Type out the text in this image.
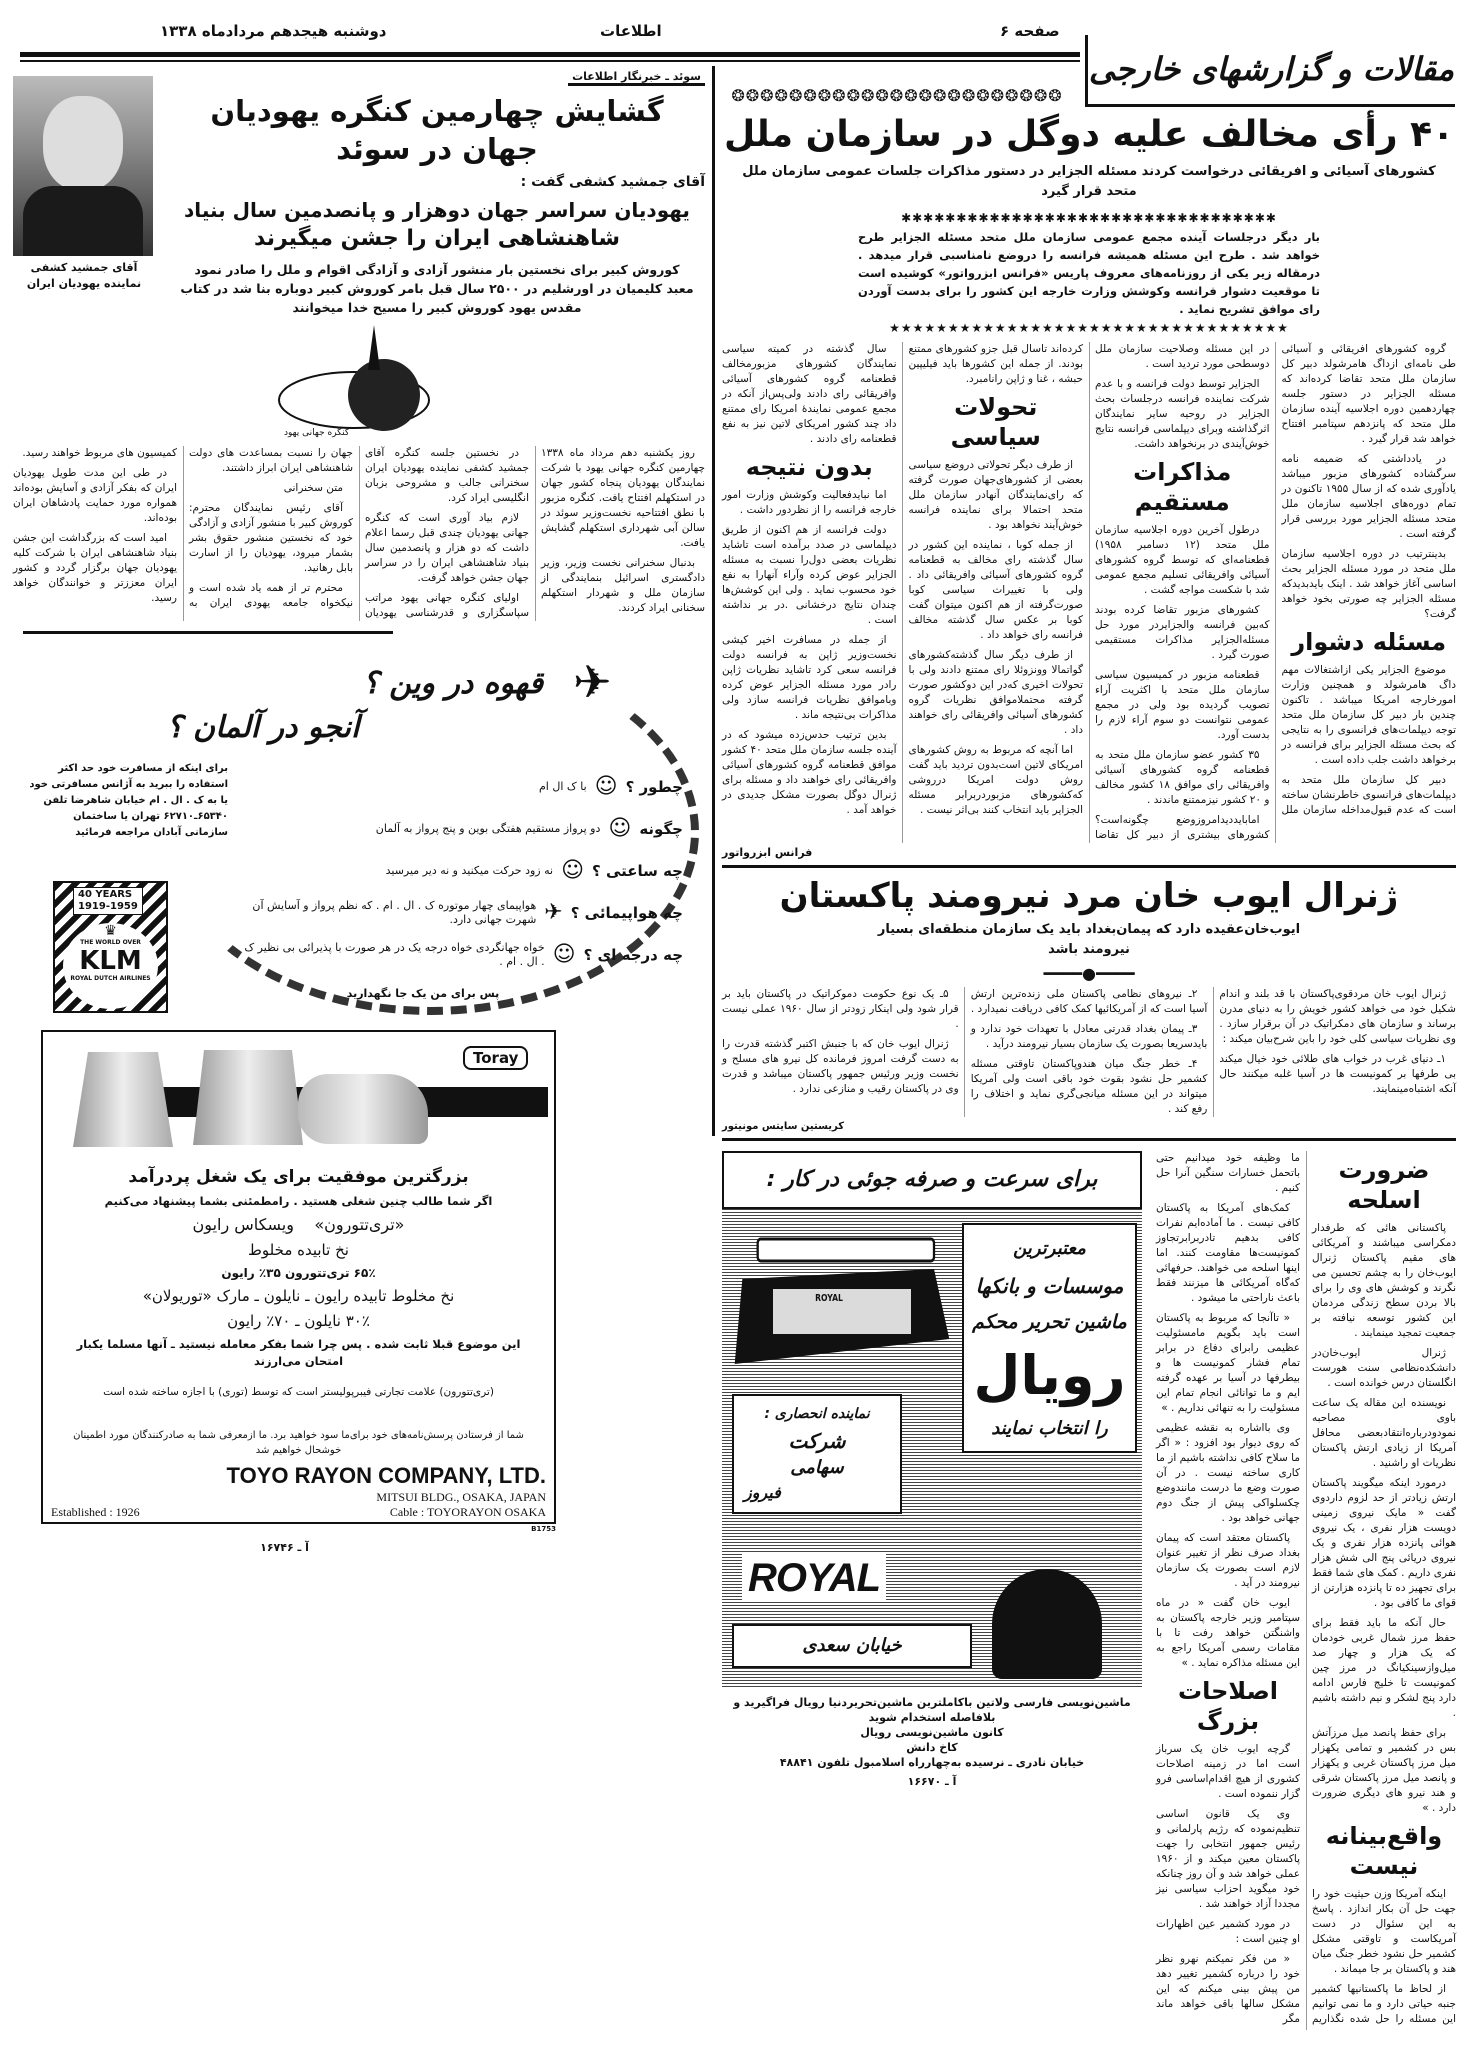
دوشنبه هیجدهم مردادماه ۱۳۳۸	اطلاعات	صفحه ۶
مقالات و گزارشهای خارجی
❂❂❂❂❂❂❂❂❂❂❂❂❂❂❂❂❂❂❂❂❂❂❂
آقای جمشید کشفی نماینده یهودیان ایران
سوئد ـ خبرنگار اطلاعات
گشایش چهارمین کنگره یهودیان جهان در سوئد
آقای جمشید کشفی گفت :
یهودیان سراسر جهان دوهزار و پانصدمین سال بنیاد
شاهنشاهی ایران را جشن میگیرند
کوروش کبیر برای نخستین بار منشور آزادی و آزادگی اقوام و ملل را صادر نمود معبد کلیمیان در اورشلیم در ۲۵۰۰ سال قبل بامر کوروش کبیر دوباره بنا شد در کتاب مقدس یهود کوروش کبیر را مسیح خدا میخوانند
کنگره جهانی یهود

روز یکشنبه دهم مرداد ماه ۱۳۳۸ چهارمین کنگره جهانی یهود با شرکت نمایندگان یهودیان پنجاه کشور جهان در استکهلم افتتاح یافت. کنگره مزبور با نطق افتتاحیه نخست‌وزیر سوئد در سالن آبی شهرداری استکهلم گشایش یافت.

بدنبال سخنرانی نخست وزیر، وزیر دادگستری اسرائیل بنمایندگی از سازمان ملل و شهردار استکهلم سخنانی ایراد کردند.

در نخستین جلسه کنگره آقای جمشید کشفی نماینده یهودیان ایران سخنرانی جالب و مشروحی بزبان انگلیسی ایراد کرد.

لازم بیاد آوری است که کنگره جهانی یهودیان چندی قبل رسما اعلام داشت که دو هزار و پانصدمین سال بنیاد شاهنشاهی ایران را در سراسر جهان جشن خواهد گرفت.

اولیای کنگره جهانی یهود مراتب سپاسگزاری و قدرشناسی یهودیان جهان را نسبت بمساعدت های دولت شاهنشاهی ایران ابراز داشتند.

متن سخنرانی

آقای رئیس نمایندگان محترم: کوروش کبیر با منشور آزادی و آزادگی خود که نخستین منشور حقوق بشر بشمار میرود، یهودیان را از اسارت بابل رهانید.

محترم تر از همه یاد شده است و نیکخواه جامعه یهودی ایران به کمیسیون های مربوط خواهند رسید.

در طی این مدت طویل یهودیان ایران که بفکر آزادی و آسایش بوده‌اند همواره مورد حمایت پادشاهان ایران بوده‌اند.

امید است که بزرگداشت این جشن بنیاد شاهنشاهی ایران با شرکت کلیه یهودیان جهان برگزار گردد و کشور ایران معززتر و خوانندگان خواهد رسید.

✈
قهوه در وین ؟
آنجو در آلمان ؟
چطور ؟
☺
با ک ال ام
چگونه
☺
دو پرواز مستقیم هفتگی بوین و پنج پرواز به آلمان
چه ساعتی ؟
☺
نه زود حرکت میکنید و نه دیر میرسید
چه هواپیمائی ؟
✈
هواپیمای چهار موتوره ک . ال . ام . که نظم پرواز و آسایش آن شهرت جهانی دارد.
چه درجه ای ؟
☺
خواه جهانگردی خواه درجه یک در هر صورت با پذیرائی بی نظیر ک . ال . ام .
پس برای من یک جا نگهدارید
برای اینکه از مسافرت خود حد اکثر استفاده را ببرید به آژانس مسافرتی خود یا به ک . ال . ام خیابان شاهرضا تلفن ۶۵۳۴۰ـ۶۲۷۱۰ تهران یا ساختمان سازمانی آبادان مراجعه فرمائید
40 YEARS 1919-1959
♛
THE WORLD OVER
KLM
ROYAL DUTCH AIRLINES
Toray
بزرگترین موفقیت برای یک شغل پردرآمد
اگر شما طالب چنین شغلی هستید . رامطمئنی بشما پیشنهاد می‌کنیم
«تری‌تتورون»    ویسکاس رایون
نخ تابیده مخلوط
۶۵٪ تری‌تتورون ۳۵٪ رایون
نخ مخلوط تابیده رایون ـ نایلون ـ مارک «توریولان»
۳۰٪ نایلون ـ ۷۰٪ رایون
این موضوع قبلا ثابت شده . پس چرا شما بفکر معامله نیستید ـ آنها مسلما یکبار امتحان می‌ارزند
(تری‌تتورون) علامت تجارتی فیبرپولیستر است که توسط (توری) با اجازه ساخته شده است
شما از فرستادن پرسش‌نامه‌های خود برای‌ما سود خواهید برد. ما ازمعرفی شما به صادرکنندگان مورد اطمینان خوشحال خواهیم شد
TOYO RAYON COMPANY, LTD.
Established : 1926
MITSUI BLDG., OSAKA, JAPAN
Cable : TOYORAYON OSAKA
B1753
آ ـ ۱۶۷۴۶
۴۰ رأی مخالف علیه دوگل در سازمان ملل
کشورهای آسیائی و افریقائی درخواست کردند مسئله الجزایر در دستور مذاکرات جلسات عمومی سازمان ملل متحد قرار گیرد
✱✱✱✱✱✱✱✱✱✱✱✱✱✱✱✱✱✱✱✱✱✱✱✱✱✱✱✱✱✱✱✱✱✱
بار دیگر درجلسات آینده مجمع عمومی سازمان ملل متحد مسئله الجزایر طرح خواهد شد . طرح این مسئله همیشه فرانسه را دروضع نامناسبی قرار میدهد . درمقاله زیر یکی از روزنامه‌های معروف پاریس «فرانس ابزرواتور» کوشیده است تا موقعیت دشوار فرانسه وکوشش وزارت خارجه این کشور را برای بدست آوردن رای موافق تشریح نماید .
★★★★★★★★★★★★★★★★★★★★★★★★★★★★★★★★★★

گروه کشورهای افریقائی و آسیائی طی نامه‌ای ازداگ هامرشولد دبیر کل سازمان ملل متحد تقاضا کرده‌اند که مسئله الجزایر در دستور جلسه چهاردهمین دوره اجلاسیه آینده سازمان ملل متحد که پانزدهم سپتامبر افتتاح خواهد شد قرار گیرد .

در یادداشتی که ضمیمه نامه سرگشاده کشورهای مزبور میباشد یادآوری شده که از سال ۱۹۵۵ تاکنون در تمام دوره‌های اجلاسیه سازمان ملل متحد مسئله الجزایر مورد بررسی قرار گرفته است .

بدینترتیب در دوره اجلاسیه سازمان ملل متحد در مورد مسئله الجزایر بحث اساسی آغاز خواهد شد . اینک بایدبدیدکه مسئله الجزایر چه صورتی بخود خواهد گرفت؟

مسئله دشوار

موضوع الجزایر یکی ازاشتغالات مهم داگ هامرشولد و همچنین وزارت امورخارجه امریکا میباشد . تاکنون چندین بار دبیر کل سازمان ملل متحد توجه دیپلمات‌های فرانسوی را به نتایجی که بحث مسئله الجزایر برای فرانسه در برخواهد داشت جلب داده است .

دبیر کل سازمان ملل متحد به دیپلمات‌های فرانسوی خاطرنشان ساخته است که عدم قبول‌مداخله سازمان ملل در این مسئله وصلاحیت سازمان ملل دوسطحی مورد تردید است .

الجزایر توسط دولت فرانسه و با عدم شرکت نماینده فرانسه درجلسات بحث الجزایر در روحیه سایر نمایندگان اثرگذاشته وبرای دیپلماسی فرانسه نتایج خوش‌آیندی در برنخواهد داشت.

مذاکرات مستقیم

درطول آخرین دوره اجلاسیه سازمان ملل متحد (۱۲ دسامبر ۱۹۵۸) قطعنامه‌ای که توسط گروه کشورهای آسیائی وافریقائی تسلیم مجمع عمومی شد با شکست مواجه گشت .

کشورهای مزبور تقاضا کرده بودند که‌بین فرانسه والجزایردر مورد حل مسئله‌الجزایر مذاکرات مستقیمی صورت گیرد .

قطعنامه مزبور در کمیسیون سیاسی سازمان ملل متحد با اکثریت آراء تصویب گردیده بود ولی در مجمع عمومی نتوانست دو سوم آراء لازم را بدست آورد.

۳۵ کشور عضو سازمان ملل متحد به قطعنامه گروه کشورهای آسیائی وافریقائی رای موافق ۱۸ کشور مخالف و ۲۰ کشور نیزممتنع ماندند .

امابایددیدامروزوضع چگونه‌است؟ کشورهای بیشتری از دبیر کل تقاضا کرده‌اند تاسال قبل جزو کشورهای ممتنع بودند. از جمله این کشورها باید فیلیپین حبشه ، غنا و ژاپن رانامبرد.

تحولات سیاسی

از طرف دیگر تحولاتی دروضع سیاسی بعضی از کشورهای‌جهان صورت گرفته که رای‌نمایندگان آنهادر سازمان ملل متحد احتمالا برای نماینده فرانسه خوش‌آیند نخواهد بود .

از جمله کوبا ، نماینده این کشور در سال گذشته رای مخالف به قطعنامه گروه کشورهای آسیائی وافریقائی داد . ولی با تغییرات سیاسی کوبا صورت‌گرفته از هم اکنون میتوان گفت کوبا بر عکس سال گذشته مخالف فرانسه رای خواهد داد .

از طرف دیگر سال گذشته‌کشورهای گواتمالا وونزوئلا رای ممتنع دادند ولی با تحولات اخیری که‌در این دوکشور صورت گرفته محتملاموافق نظریات گروه کشورهای آسیائی وافریقائی رای خواهند داد .

اما آنچه که مربوط به روش کشورهای امریکای لاتین است‌بدون تردید باید گفت روش دولت امریکا درروشی که‌کشورهای مزبوردربرابر مسئله الجزایر باید انتخاب کنند بی‌اثر نیست .

سال گذشته در کمیته سیاسی نمایندگان کشورهای مزبورمخالف قطعنامه گروه کشورهای آسیائی وافریقائی رای دادند ولی‌پس‌از آنکه در مجمع عمومی نمایندهٔ امریکا رای ممتنع داد چند کشور امریکای لاتین نیز به نفع قطعنامه رای دادند .

بدون نتیجه

اما نبایدفعالیت وکوشش وزارت امور خارجه فرانسه را از نظردور داشت .

دولت فرانسه از هم اکنون از طریق دیپلماسی در صدد برآمده است تاشاید نظریات بعضی دول‌را نسبت به مسئله الجزایر عوض کرده وآراء آنهارا به نفع خود محسوب نماید . ولی این کوشش‌ها چندان نتایج درخشانی .در بر نداشته است .

از جمله در مسافرت اخیر کیشی نخست‌وزیر ژاپن به فرانسه دولت فرانسه سعی کرد تاشاید نظریات ژاپن رادر مورد مسئله الجزایر عوض کرده وباموافق نظریات فرانسه سازد ولی مذاکرات بی‌نتیجه ماند .

بدین ترتیب حدس‌زده میشود که در آینده جلسه سازمان ملل متحد ۴۰ کشور موافق قطعنامه گروه کشورهای آسیائی وافریقائی رای خواهند داد و مسئله برای ژنرال دوگل بصورت مشکل جدیدی در خواهد آمد .

فرانس ابزرواتور
ژنرال ایوب خان مرد نیرومند پاکستان
ایوب‌خان‌عقیده دارد که پیمان‌بغداد باید یک سازمان منطقه‌ای بسیار نیرومند باشد
━━━━●━━━━

ژنرال ایوب خان مردقوی‌پاکستان با قد بلند و اندام شکیل خود می خواهد کشور خویش را به دنیای مدرن برساند و سازمان های دمکراتیک در آن برقرار سازد . وی نظریات سیاسی کلی خود را باین شرح‌بیان میکند :

۱ـ دنیای غرب در خواب های طلائی خود خیال میکند بی طرفها بر کمونیست ها در آسیا غلبه میکنند حال آنکه اشتباه‌مینمایند.

۲ـ نیروهای نظامی پاکستان ملی زنده‌ترین ارتش آسیا است که از آمریکائیها کمک کافی دریافت نمیدارد .

۳ـ پیمان بغداد قدرتی معادل با تعهدات خود ندارد و بایدسریعا بصورت یک سازمان بسیار نیرومند درآید .

۴ـ خطر جنگ میان هندوپاکستان تاوقتی مسئله کشمیر حل نشود بقوت خود باقی است ولی آمریکا میتواند در این مسئله میانجی‌گری نماید و اختلاف را رفع کند .

۵ـ یک نوع حکومت دموکراتیک در پاکستان باید بر قرار شود ولی اینکار زودتر از سال ۱۹۶۰ عملی نیست .

ژنرال ایوب خان که با جنبش اکتبر گذشته قدرت را به دست گرفت امروز فرمانده کل نیرو های مسلح و نخست وزیر ورئیس جمهور پاکستان میباشد و قدرت وی در پاکستان رقیب و منازعی ندارد .

کریستین سایتس مونیتور
برای سرعت و صرفه جوئی در کار :
ROYAL
معتبرترین
موسسات و بانکها
ماشین تحریر محکم
رویال
را انتخاب نمایند
نماینده انحصاری :
شرکت
سهامی
فیروز
ROYAL
خیابان سعدی
ماشین‌نویسی فارسی ولاتین باکاملترین ماشین‌تحریردنیا رویال فراگیرید و بلافاصله استخدام شوید
کانون ماشین‌نویسی رویال
کاخ دانش
خیابان نادری ـ نرسیده به‌چهارراه اسلامبول تلفون ۴۸۸۴۱
آ ـ ۱۶۶۷۰
ضرورت اسلحه

پاکستانی هائی که طرفدار دمکراسی میباشند و آمریکائی های مقیم پاکستان ژنرال ایوب‌خان را به چشم تحسین می نگرند و کوشش های وی را برای بالا بردن سطح زندگی مردمان این کشور توسعه نیافته بر جمعیت تمجید مینمایند .

ژنرال ایوب‌خان‌در دانشکده‌نظامی سنت هورست انگلستان درس خوانده است .

نویسنده این مقاله یک ساعت باوی مصاحبه نمودودرباره‌انتقادبعضی محافل آمریکا از زیادی ارتش پاکستان نظریات او راشنید .

درمورد اینکه میگویند پاکستان ارتش زیادتر از حد لزوم داردوی گفت « مایک نیروی زمینی دویست هزار نفری ، یک نیروی هوائی پانزده هزار نفری و یک نیروی دریائی پنج الی شش هزار نفری داریم . کمک های شما فقط برای تجهیز ده تا پانزده هزارتن از قوای ما کافی بود .

حال آنکه ما باید فقط برای حفظ مرز شمال غربی خودمان که یک هزار و چهار صد میل‌وازسینکیانگ در مرز چین کمونیست تا خلیج فارس ادامه دارد پنج لشکر و نیم داشته باشیم .

برای حفظ پانصد میل مرزآتش بس در کشمیر و تمامی یکهزار میل مرز پاکستان غربی و یکهزار و پانصد میل مرز پاکستان شرقی و هند نیرو های دیگری ضرورت دارد . »

واقع‌بینانه نیست

اینکه آمریکا وزن حیثیت خود را جهت حل آن بکار اندازد . پاسخ به این سئوال در دست آمریکاست و تاوقتی مشکل کشمیر حل نشود خطر جنگ میان هند و پاکستان بر جا میماند .

از لحاظ ما پاکستانیها کشمیر جنبه حیاتی دارد و ما نمی توانیم این مسئله را حل شده نگذاریم ما وظیفه خود میدانیم حتی باتحمل خسارات سنگین آنرا حل کنیم .

کمک‌های آمریکا به پاکستان کافی نیست . ما آماده‌ایم نفرات کافی بدهیم تادربرابرتجاوز کمونیست‌ها مقاومت کنند. اما اینها اسلحه می خواهند. حرفهائی که‌گاه آمریکائی ها میزنند فقط باعث ناراحتی ما میشود .

« تاآنجا که مربوط به پاکستان است باید بگویم مامسئولیت عظیمی رابرای دفاع در برابر تمام فشار کمونیست ها و بیطرفها در آسیا بر عهده گرفته ایم و ما توانائی انجام تمام این مسئولیت را به تنهائی نداریم . »

وی بااشاره به نقشه عظیمی که روی دیوار بود افزود : « اگر ما سلاح کافی نداشته باشیم از ما کاری ساخته نیست . در آن صورت وضع ما درست مانندوضع چکسلواکی پیش از جنگ دوم جهانی خواهد بود .

پاکستان معتقد است که پیمان بغداد صرف نظر از تغییر عنوان لازم است بصورت یک سازمان نیرومند در آید .

ایوب خان گفت « در ماه سپتامبر وزیر خارجه پاکستان به واشنگتن خواهد رفت تا با مقامات رسمی آمریکا راجع به این مسئله مذاکره نماید . »

اصلاحات بزرگ

گرچه ایوب خان یک سرباز است اما در زمینه اصلاحات کشوری از هیچ اقدام‌اساسی فرو گزار ننموده است .

وی یک قانون اساسی تنظیم‌نموده که رژیم پارلمانی و رئیس جمهور انتخابی را جهت پاکستان معین میکند و از ۱۹۶۰ عملی خواهد شد و آن روز چنانکه خود میگوید احزاب سیاسی نیز مجددا آزاد خواهند شد .

در مورد کشمیر عین اظهارات او چنین است :

« من فکر نمیکنم نهرو نظر خود را درباره کشمیر تغییر دهد من پیش بینی میکنم که این مشکل سالها باقی خواهد ماند مگر
